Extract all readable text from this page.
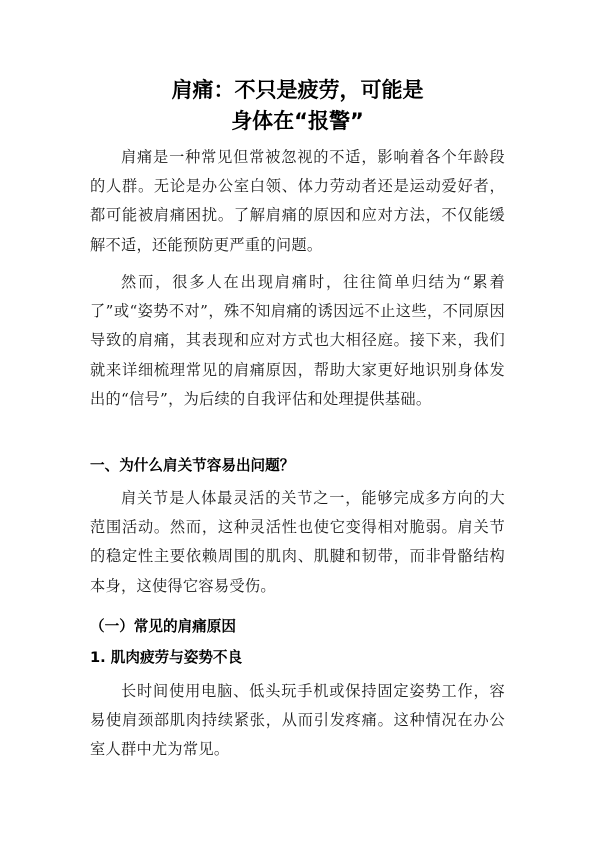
肩痛：不只是疲劳，可能是
身体在“报警”

肩痛是一种常见但常被忽视的不适，影响着各个年龄段的人群。无论是办公室白领、体力劳动者还是运动爱好者，都可能被肩痛困扰。了解肩痛的原因和应对方法，不仅能缓解不适，还能预防更严重的问题。

然而，很多人在出现肩痛时，往往简单归结为“累着了”或“姿势不对”，殊不知肩痛的诱因远不止这些，不同原因导致的肩痛，其表现和应对方式也大相径庭。接下来，我们就来详细梳理常见的肩痛原因，帮助大家更好地识别身体发出的“信号”，为后续的自我评估和处理提供基础。

一、为什么肩关节容易出问题？

肩关节是人体最灵活的关节之一，能够完成多方向的大范围活动。然而，这种灵活性也使它变得相对脆弱。肩关节的稳定性主要依赖周围的肌肉、肌腱和韧带，而非骨骼结构本身，这使得它容易受伤。

（一）常见的肩痛原因
1. 肌肉疲劳与姿势不良

长时间使用电脑、低头玩手机或保持固定姿势工作，容易使肩颈部肌肉持续紧张，从而引发疼痛。这种情况在办公室人群中尤为常见。
